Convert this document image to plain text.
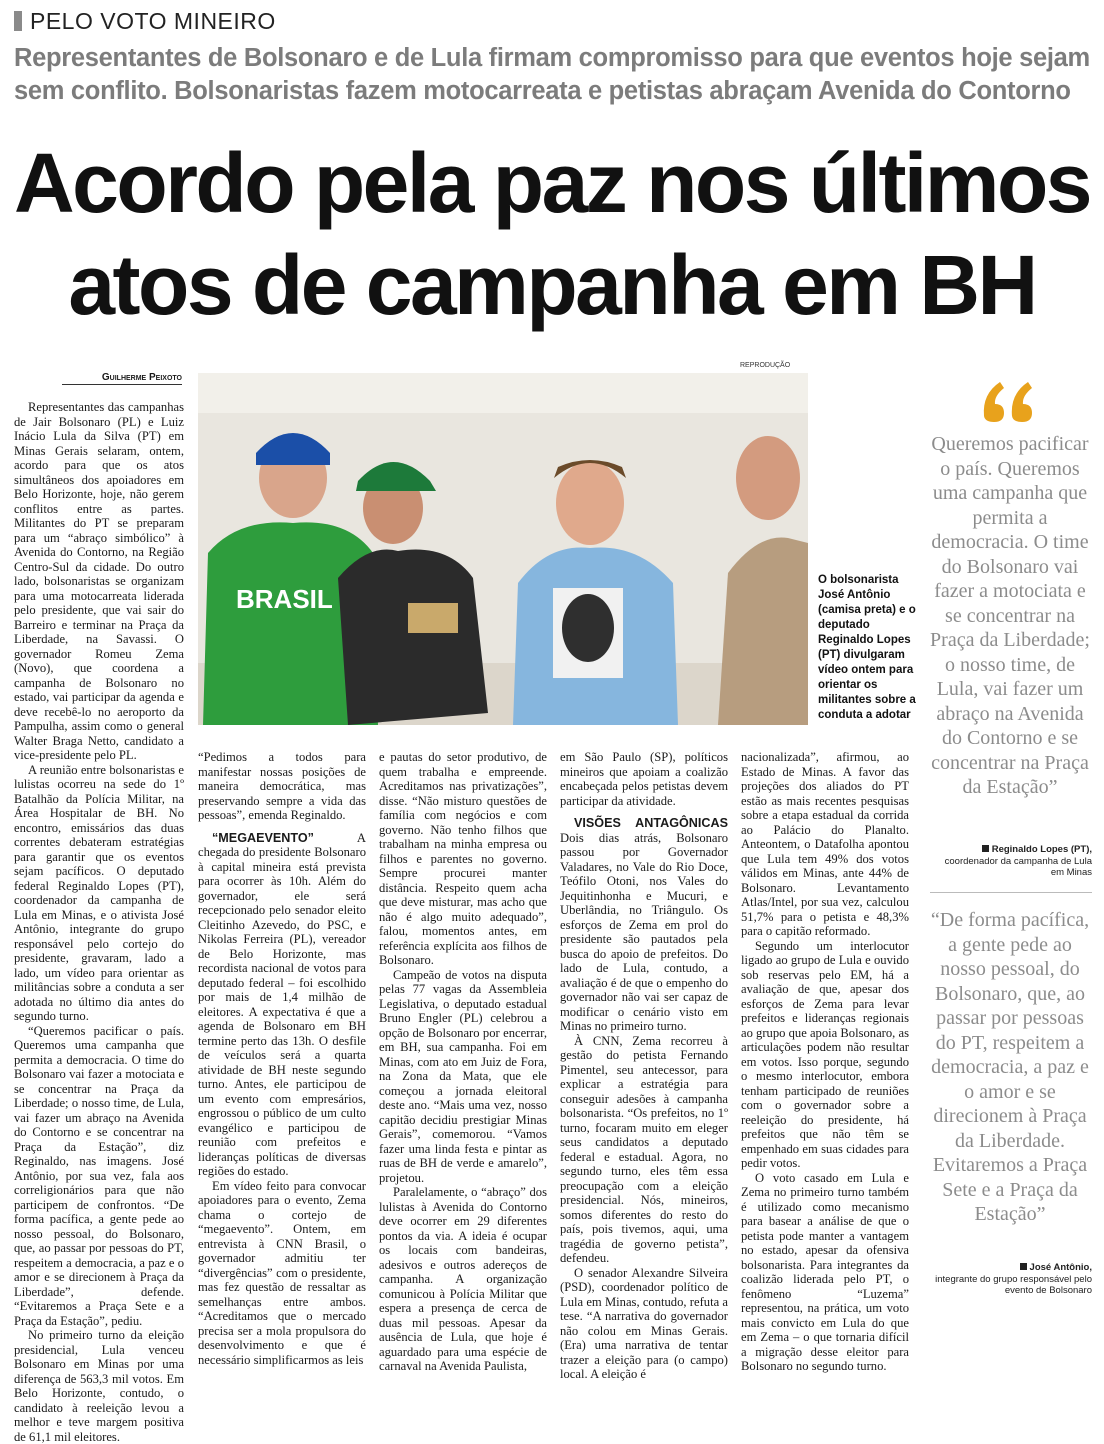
PELO VOTO MINEIRO
Representantes de Bolsonaro e de Lula firmam compromisso para que eventos hoje sejam sem conflito. Bolsonaristas fazem motocarreata e petistas abraçam Avenida do Contorno
Acordo pela paz nos últimos
atos de campanha em BH
Guilherme Peixoto

Representantes das campanhas de Jair Bolsonaro (PL) e Luiz Inácio Lula da Silva (PT) em Minas Gerais selaram, ontem, acordo para que os atos simultâneos dos apoiadores em Belo Horizonte, hoje, não gerem conflitos entre as partes. Militantes do PT se preparam para um “abraço simbólico” à Avenida do Contorno, na Região Centro-Sul da cidade. Do outro lado, bolsonaristas se organizam para uma motocarreata liderada pelo presidente, que vai sair do Barreiro e terminar na Praça da Liberdade, na Savassi. O governador Romeu Zema (Novo), que coordena a campanha de Bolsonaro no estado, vai participar da agenda e deve recebê-lo no aeroporto da Pampulha, assim como o general Walter Braga Netto, candidato a vice-presidente pelo PL.

A reunião entre bolsonaristas e lulistas ocorreu na sede do 1º Batalhão da Polícia Militar, na Área Hospitalar de BH. No encontro, emissários das duas correntes debateram estratégias para garantir que os eventos sejam pacíficos. O deputado federal Reginaldo Lopes (PT), coordenador da campanha de Lula em Minas, e o ativista José Antônio, integrante do grupo responsável pelo cortejo do presidente, gravaram, lado a lado, um vídeo para orientar as militâncias sobre a conduta a ser adotada no último dia antes do segundo turno.

“Queremos pacificar o país. Queremos uma campanha que permita a democracia. O time do Bolsonaro vai fazer a motociata e se concentrar na Praça da Liberdade; o nosso time, de Lula, vai fazer um abraço na Avenida do Contorno e se concentrar na Praça da Estação”, diz Reginaldo, nas imagens. José Antônio, por sua vez, fala aos correligionários para que não participem de confrontos. “De forma pacífica, a gente pede ao nosso pessoal, do Bolsonaro, que, ao passar por pessoas do PT, respeitem a democracia, a paz e o amor e se direcionem à Praça da Liberdade”, defende. “Evitaremos a Praça Sete e a Praça da Estação”, pediu.

No primeiro turno da eleição presidencial, Lula venceu Bolsonaro em Minas por uma diferença de 563,3 mil votos. Em Belo Horizonte, contudo, o candidato à reeleição levou a melhor e teve margem positiva de 61,1 mil eleitores.

REPRODUÇÃO
BRASIL
O bolsonarista José Antônio (camisa preta) e o deputado Reginaldo Lopes (PT) divulgaram vídeo ontem para orientar os militantes sobre a conduta a adotar

“Pedimos a todos para manifestar nossas posições de maneira democrática, mas preservando sempre a vida das pessoas”, emenda Reginaldo.

“MEGAEVENTO”	A chegada do presidente Bolsonaro à capital mineira está prevista para ocorrer às 10h. Além do governador, ele será recepcionado pelo senador eleito Cleitinho Azevedo, do PSC, e Nikolas Ferreira (PL), vereador de Belo Horizonte, mas recordista nacional de votos para deputado federal – foi escolhido por mais de 1,4 milhão de eleitores. A expectativa é que a agenda de Bolsonaro em BH termine perto das 13h. O desfile de veículos será a quarta atividade de BH neste segundo turno. Antes, ele participou de um evento com empresários, engrossou o público de um culto evangélico e participou de reunião com prefeitos e lideranças políticas de diversas regiões do estado.

Em vídeo feito para convocar apoiadores para o evento, Zema chama o cortejo de “megaevento”. Ontem, em entrevista à CNN Brasil, o governador admitiu ter “divergências” com o presidente, mas fez questão de ressaltar as semelhanças entre ambos. “Acreditamos que o mercado precisa ser a mola propulsora do desenvolvimento e que é necessário simplificarmos as leis

e pautas do setor produtivo, de quem trabalha e empreende. Acreditamos nas privatizações”, disse. “Não misturo questões de família com negócios e com governo. Não tenho filhos que trabalham na minha empresa ou filhos e parentes no governo. Sempre procurei manter distância. Respeito quem acha que deve misturar, mas acho que não é algo muito adequado”, falou, momentos antes, em referência explícita aos filhos de Bolsonaro.

Campeão de votos na disputa pelas 77 vagas da Assembleia Legislativa, o deputado estadual Bruno Engler (PL) celebrou a opção de Bolsonaro por encerrar, em BH, sua campanha. Foi em Minas, com ato em Juiz de Fora, na Zona da Mata, que ele começou a jornada eleitoral deste ano. “Mais uma vez, nosso capitão decidiu prestigiar Minas Gerais”, comemorou. “Vamos fazer uma linda festa e pintar as ruas de BH de verde e amarelo”, projetou.

Paralelamente, o “abraço” dos lulistas à Avenida do Contorno deve ocorrer em 29 diferentes pontos da via. A ideia é ocupar os locais com bandeiras, adesivos e outros adereços de campanha. A organização comunicou à Polícia Militar que espera a presença de cerca de duas mil pessoas. Apesar da ausência de Lula, que hoje é aguardado para uma espécie de carnaval na Avenida Paulista,

em São Paulo (SP), políticos mineiros que apoiam a coalizão encabeçada pelos petistas devem participar da atividade.

VISÕES ANTAGÔNICAS Dois dias atrás, Bolsonaro passou por Governador Valadares, no Vale do Rio Doce, Teófilo Otoni, nos Vales do Jequitinhonha e Mucuri, e Uberlândia, no Triângulo. Os esforços de Zema em prol do presidente são pautados pela busca do apoio de prefeitos. Do lado de Lula, contudo, a avaliação é de que o empenho do governador não vai ser capaz de modificar o cenário visto em Minas no primeiro turno.

À CNN, Zema recorreu à gestão do petista Fernando Pimentel, seu antecessor, para explicar a estratégia para conseguir adesões à campanha bolsonarista. “Os prefeitos, no 1º turno, focaram muito em eleger seus candidatos a deputado federal e estadual. Agora, no segundo turno, eles têm essa preocupação com a eleição presidencial. Nós, mineiros, somos diferentes do resto do país, pois tivemos, aqui, uma tragédia de governo petista”, defendeu.

O senador Alexandre Silveira (PSD), coordenador político de Lula em Minas, contudo, refuta a tese. “A narrativa do governador não colou em Minas Gerais. (Era) uma narrativa de tentar trazer a eleição para (o campo) local. A eleição é

nacionalizada”, afirmou, ao Estado de Minas. A favor das projeções dos aliados do PT estão as mais recentes pesquisas sobre a etapa estadual da corrida ao Palácio do Planalto. Anteontem, o Datafolha apontou que Lula tem 49% dos votos válidos em Minas, ante 44% de Bolsonaro. Levantamento Atlas/Intel, por sua vez, calculou 51,7% para o petista e 48,3% para o capitão reformado.

Segundo um interlocutor ligado ao grupo de Lula e ouvido sob reservas pelo EM, há a avaliação de que, apesar dos esforços de Zema para levar prefeitos e lideranças regionais ao grupo que apoia Bolsonaro, as articulações podem não resultar em votos. Isso porque, segundo o mesmo interlocutor, embora tenham participado de reuniões com o governador sobre a reeleição do presidente, há prefeitos que não têm se empenhado em suas cidades para pedir votos.

O voto casado em Lula e Zema no primeiro turno também é utilizado como mecanismo para basear a análise de que o petista pode manter a vantagem no estado, apesar da ofensiva bolsonarista. Para integrantes da coalizão liderada pelo PT, o fenômeno “Luzema” representou, na prática, um voto mais convicto em Lula do que em Zema – o que tornaria difícil a migração desse eleitor para Bolsonaro no segundo turno.

Queremos pacificar o país. Queremos uma campanha que permita a democracia. O time do Bolsonaro vai fazer a motociata e se concentrar na Praça da Liberdade; o nosso time, de Lula, vai fazer um abraço na Avenida do Contorno e se concentrar na Praça da Estação”
Reginaldo Lopes (PT),
coordenador da campanha de Lula em Minas
“De forma pacífica, a gente pede ao nosso pessoal, do Bolsonaro, que, ao passar por pessoas do PT, respeitem a democracia, a paz e o amor e se direcionem à Praça da Liberdade. Evitaremos a Praça Sete e a Praça da Estação”
José Antônio,
integrante do grupo responsável pelo evento de Bolsonaro
